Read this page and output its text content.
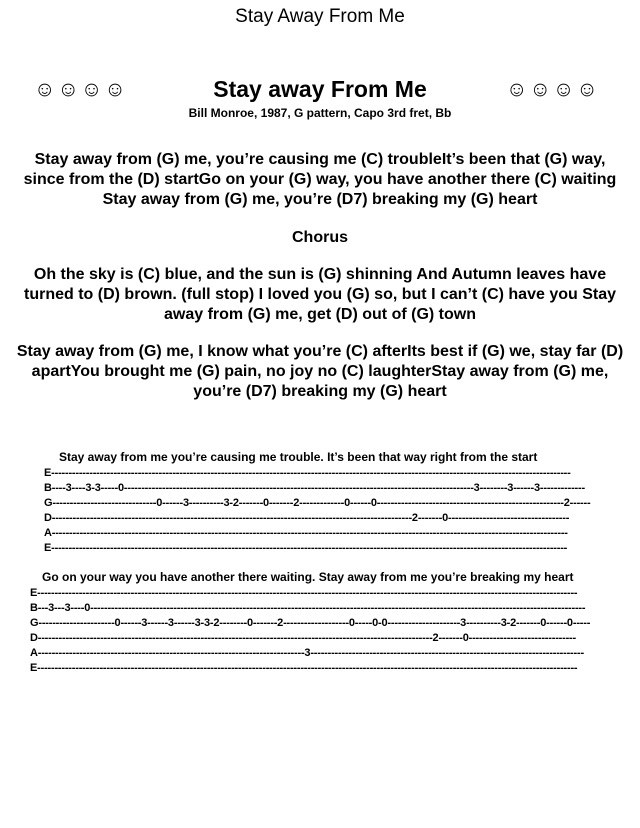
Stay Away From Me
☺☺☺☺	Stay away From Me	☺☺☺☺
Bill Monroe, 1987, G pattern, Capo 3rd fret, Bb
Stay away from (G) me, you’re causing me (C) troubleIt’s been that (G) way,
since from the (D) startGo on your (G) way, you have another there (C) waiting
Stay away from (G) me, you’re (D7) breaking my (G) heart
Chorus
Oh the sky is (C) blue, and the sun is (G) shinning And Autumn leaves have
turned to (D) brown. (full stop) I loved you (G) so, but I can’t (C) have you Stay
away from (G) me, get (D) out of (G) town
Stay away from (G) me, I know what you’re (C) afterIts best if (G) we, stay far (D)
apartYou brought me (G) pain, no joy no (C) laughterStay away from (G) me,
you’re (D7) breaking my (G) heart
Stay away from me you’re causing me trouble. It’s been that way right from the start
E------------------------------------------------------------------------------------------------------------------------------------------------------
B----3----3-3-----0-----------------------------------------------------------------------------------------------------3--------3------3-------------
G------------------------------0------3----------3-2-------0-------2-------------0------0------------------------------------------------------2------
D--------------------------------------------------------------------------------------------------------2-------0-----------------------------------
A-----------------------------------------------------------------------------------------------------------------------------------------------------
E-----------------------------------------------------------------------------------------------------------------------------------------------------
Go on your way you have another there waiting. Stay away from me you’re breaking my heart
E------------------------------------------------------------------------------------------------------------------------------------------------------------
B---3---3----0-----------------------------------------------------------------------------------------------------------------------------------------------
G----------------------0------3------3------3-3-2--------0-------2-------------------0-----0-0---------------------3----------3-2-------0------0-----
D------------------------------------------------------------------------------------------------------------------2-------0-------------------------------
A-----------------------------------------------------------------------------3-------------------------------------------------------------------------------
E------------------------------------------------------------------------------------------------------------------------------------------------------------
